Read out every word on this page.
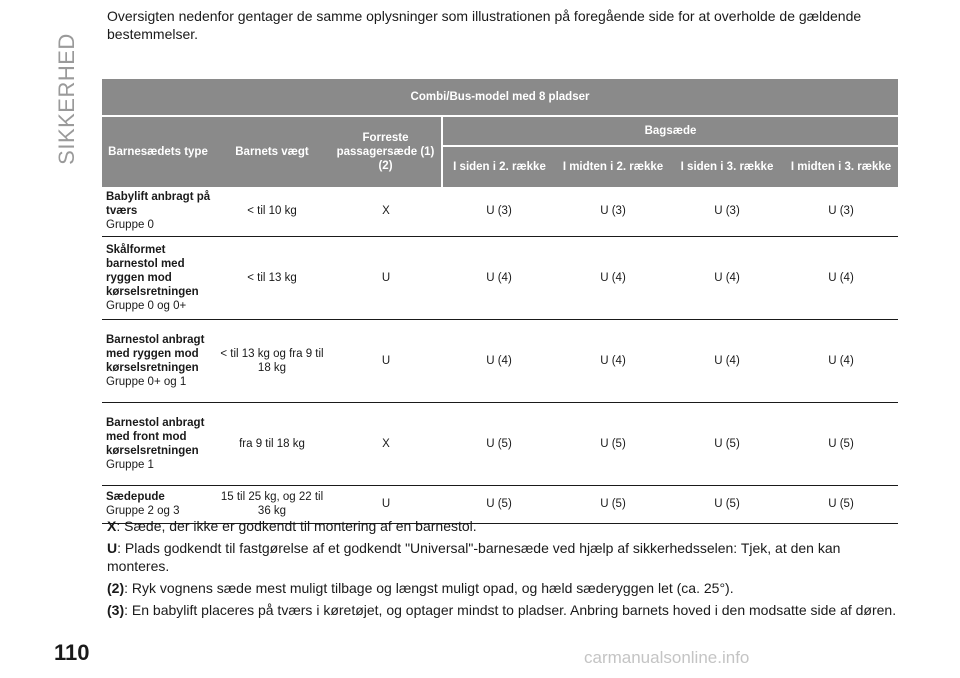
SIKKERHED
Oversigten nedenfor gentager de samme oplysninger som illustrationen på foregående side for at overholde de gældende bestemmelser.
Combi/Bus-model med 8 pladser						
Barnesædets type	Barnets vægt	Forreste passagersæde (1) (2)	Bagsæde			
			I siden i 2. række	I midten i 2. række	I siden i 3. række	I midten i 3. række

Babylift anbragt på tværs
Gruppe 0	< til 10 kg	X	U (3)	U (3)	U (3)	U (3)

Skålformet barnestol med ryggen mod kørselsretningen
Gruppe 0 og 0+	< til 13 kg	U	U (4)	U (4)	U (4)	U (4)

Barnestol anbragt med ryggen mod kørselsretningen
Gruppe 0+ og 1	< til 13 kg og fra 9 til 18 kg	U	U (4)	U (4)	U (4)	U (4)

Barnestol anbragt med front mod kørselsretningen
Gruppe 1	fra 9 til 18 kg	X	U (5)	U (5)	U (5)	U (5)

Sædepude
Gruppe 2 og 3	15 til 25 kg, og 22 til 36 kg	U	U (5)	U (5)	U (5)	U (5)

X: Sæde, der ikke er godkendt til montering af en barnestol.

U: Plads godkendt til fastgørelse af et godkendt "Universal"-barnesæde ved hjælp af sikkerhedsselen: Tjek, at den kan monteres.

(2): Ryk vognens sæde mest muligt tilbage og længst muligt opad, og hæld sæderyggen let (ca. 25°).

(3): En babylift placeres på tværs i køretøjet, og optager mindst to pladser. Anbring barnets hoved i den modsatte side af døren.

110	carmanualsonline.info
